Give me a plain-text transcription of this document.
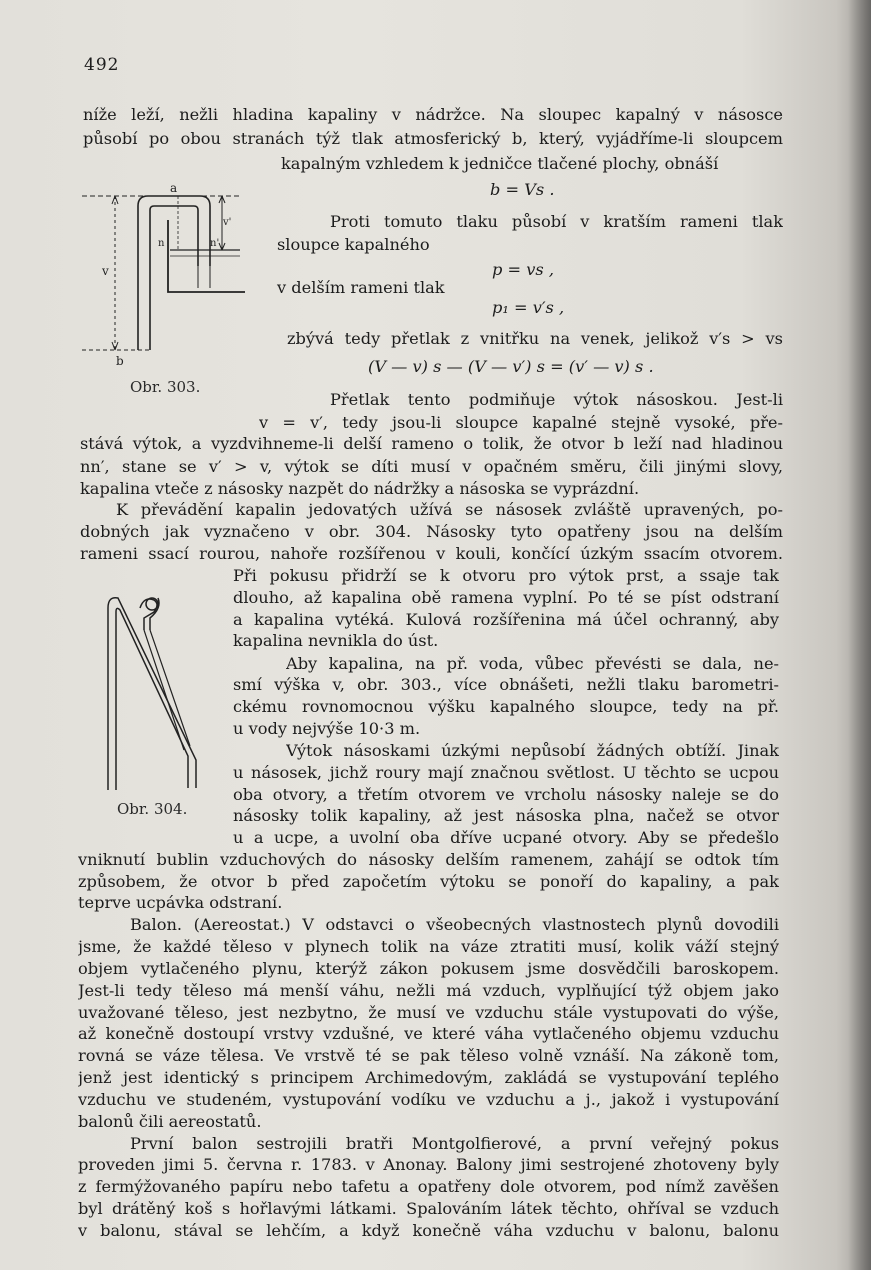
492
a
v
v'
n	n'
b
Obr. 303.
Obr. 304.
níže leží, nežli hladina kapaliny v nádržce. Na sloupec kapalný v násosce
působí po obou stranách týž tlak atmosferický b, který, vyjádříme-li sloupcem
kapalným vzhledem k jedničce tlačené plochy, obnáší
b = Vs .
Proti tomuto tlaku působí v kratším rameni tlak
sloupce kapalného
p = vs ,
v delším rameni tlak
p₁ = v′s ,
zbývá tedy přetlak z vnitřku na venek, jelikož v′s > vs
(V — v) s — (V — v′) s = (v′ — v) s .
Přetlak tento podmiňuje výtok násoskou. Jest-li
v = v′, tedy jsou-li sloupce kapalné stejně vysoké, pře-
stává výtok, a vyzdvihneme-li delší rameno o tolik, že otvor b leží nad hladinou
nn′, stane se v′ > v, výtok se díti musí v opačném směru, čili jinými slovy,
kapalina vteče z násosky nazpět do nádržky a násoska se vyprázdní.
K převádění kapalin jedovatých užívá se násosek zvláště upravených, po-
dobných jak vyznačeno v obr. 304. Násosky tyto opatřeny jsou na delším
rameni ssací rourou, nahoře rozšířenou v kouli, končící úzkým ssacím otvorem.
Při pokusu přidrží se k otvoru pro výtok prst, a ssaje tak
dlouho, až kapalina obě ramena vyplní. Po té se píst odstraní
a kapalina vytéká. Kulová rozšířenina má účel ochranný, aby
kapalina nevnikla do úst.
Aby kapalina, na př. voda, vůbec převésti se dala, ne-
smí výška v, obr. 303., více obnášeti, nežli tlaku barometri-
ckému rovnomocnou výšku kapalného sloupce, tedy na př.
u vody nejvýše 10·3 m.
Výtok násoskami úzkými nepůsobí žádných obtíží. Jinak
u násosek, jichž roury mají značnou světlost. U těchto se ucpou
oba otvory, a třetím otvorem ve vrcholu násosky naleje se do
násosky tolik kapaliny, až jest násoska plna, načež se otvor
u a ucpe, a uvolní oba dříve ucpané otvory. Aby se předešlo
vniknutí bublin vzduchových do násosky delším ramenem, zahájí se odtok tím
způsobem, že otvor b před započetím výtoku se ponoří do kapaliny, a pak
teprve ucpávka odstraní.
Balon. (Aereostat.) V odstavci o všeobecných vlastnostech plynů dovodili
jsme, že každé těleso v plynech tolik na váze ztratiti musí, kolik váží stejný
objem vytlačeného plynu, kterýž zákon pokusem jsme dosvědčili baroskopem.
Jest-li tedy těleso má menší váhu, nežli má vzduch, vyplňující týž objem jako
uvažované těleso, jest nezbytno, že musí ve vzduchu stále vystupovati do výše,
až konečně dostoupí vrstvy vzdušné, ve které váha vytlačeného objemu vzduchu
rovná se váze tělesa. Ve vrstvě té se pak těleso volně vznáší. Na zákoně tom,
jenž jest identický s principem Archimedovým, zakládá se vystupování teplého
vzduchu ve studeném, vystupování vodíku ve vzduchu a j., jakož i vystupování
balonů čili aereostatů.
První balon sestrojili bratři Montgolfierové, a první veřejný pokus
proveden jimi 5. června r. 1783. v Anonay. Balony jimi sestrojené zhotoveny byly
z fermýžovaného papíru nebo tafetu a opatřeny dole otvorem, pod nímž zavěšen
byl drátěný koš s hořlavými látkami. Spalováním látek těchto, ohříval se vzduch
v balonu, stával se lehčím, a když konečně váha vzduchu v balonu, balonu
